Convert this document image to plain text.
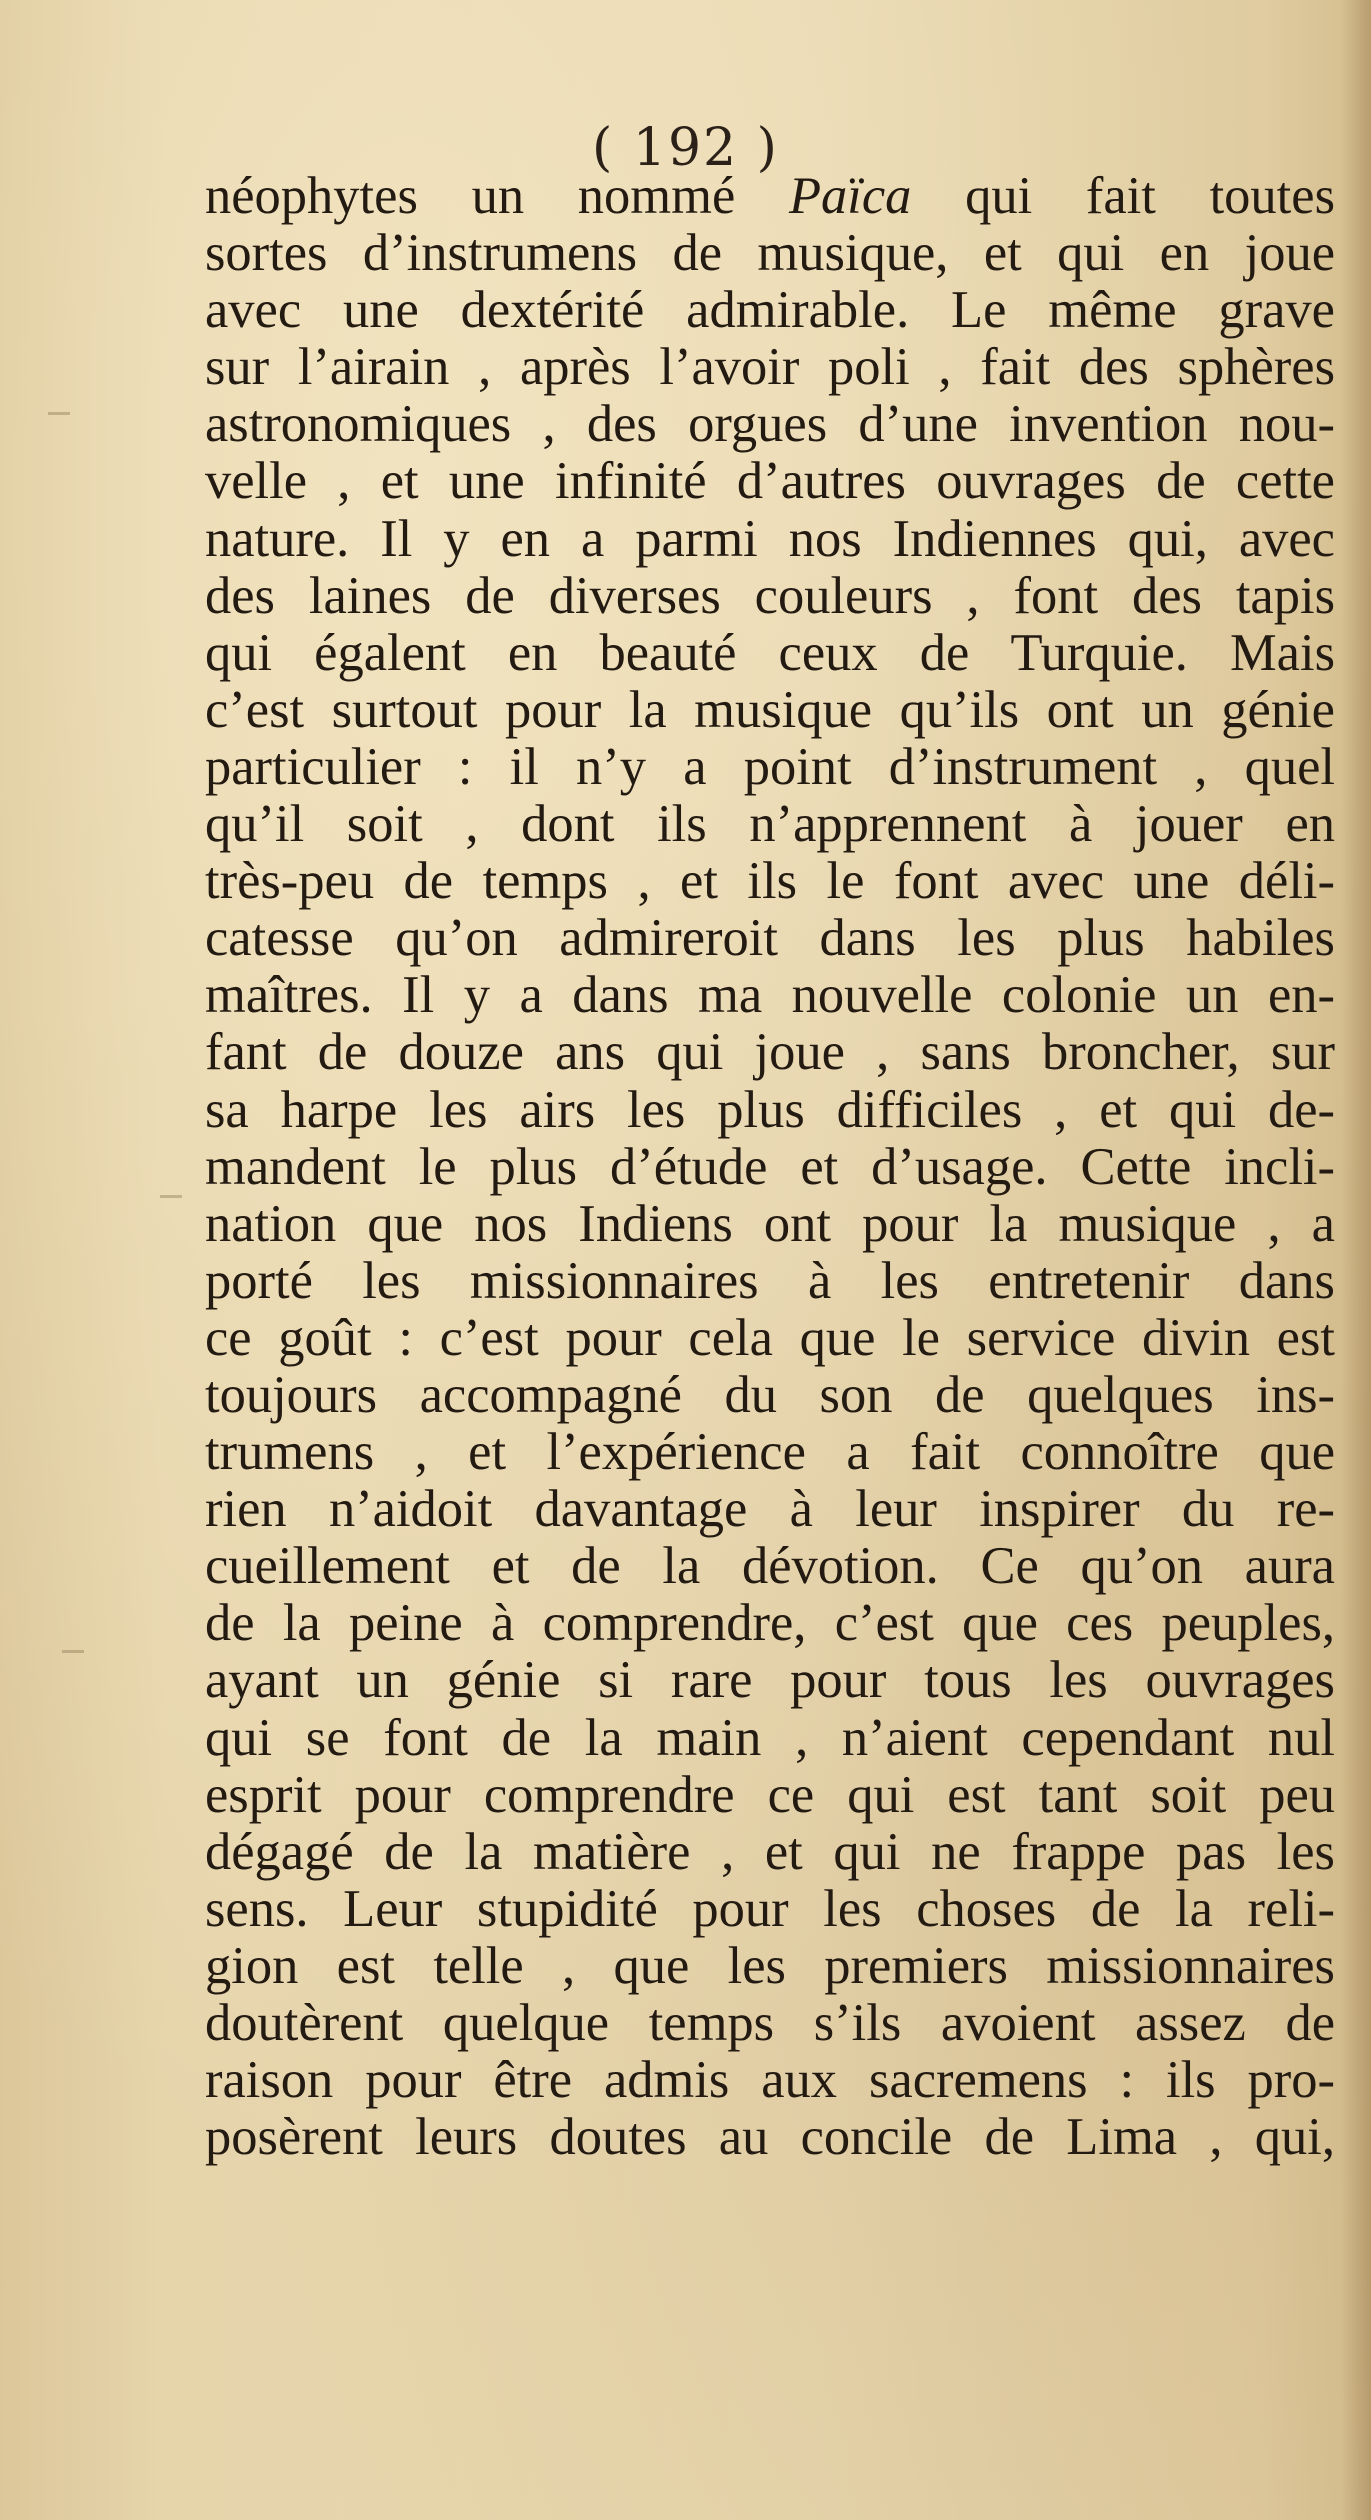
( 192 )
néophytes un nommé Païca qui fait toutes
sortes d’instrumens de musique, et qui en joue
avec une dextérité admirable. Le même grave
sur l’airain , après l’avoir poli , fait des sphères
astronomiques , des orgues d’une invention nou-
velle , et une infinité d’autres ouvrages de cette
nature. Il y en a parmi nos Indiennes qui, avec
des laines de diverses couleurs , font des tapis
qui égalent en beauté ceux de Turquie. Mais
c’est surtout pour la musique qu’ils ont un génie
particulier : il n’y a point d’instrument , quel
qu’il soit , dont ils n’apprennent à jouer en
très-peu de temps , et ils le font avec une déli-
catesse qu’on admireroit dans les plus habiles
maîtres. Il y a dans ma nouvelle colonie un en-
fant de douze ans qui joue , sans broncher, sur
sa harpe les airs les plus difficiles , et qui de-
mandent le plus d’étude et d’usage. Cette incli-
nation que nos Indiens ont pour la musique , a
porté les missionnaires à les entretenir dans
ce goût : c’est pour cela que le service divin est
toujours accompagné du son de quelques ins-
trumens , et l’expérience a fait connoître que
rien n’aidoit davantage à leur inspirer du re-
cueillement et de la dévotion. Ce qu’on aura
de la peine à comprendre, c’est que ces peuples,
ayant un génie si rare pour tous les ouvrages
qui se font de la main , n’aient cependant nul
esprit pour comprendre ce qui est tant soit peu
dégagé de la matière , et qui ne frappe pas les
sens. Leur stupidité pour les choses de la reli-
gion est telle , que les premiers missionnaires
doutèrent quelque temps s’ils avoient assez de
raison pour être admis aux sacremens : ils pro-
posèrent leurs doutes au concile de Lima , qui,
